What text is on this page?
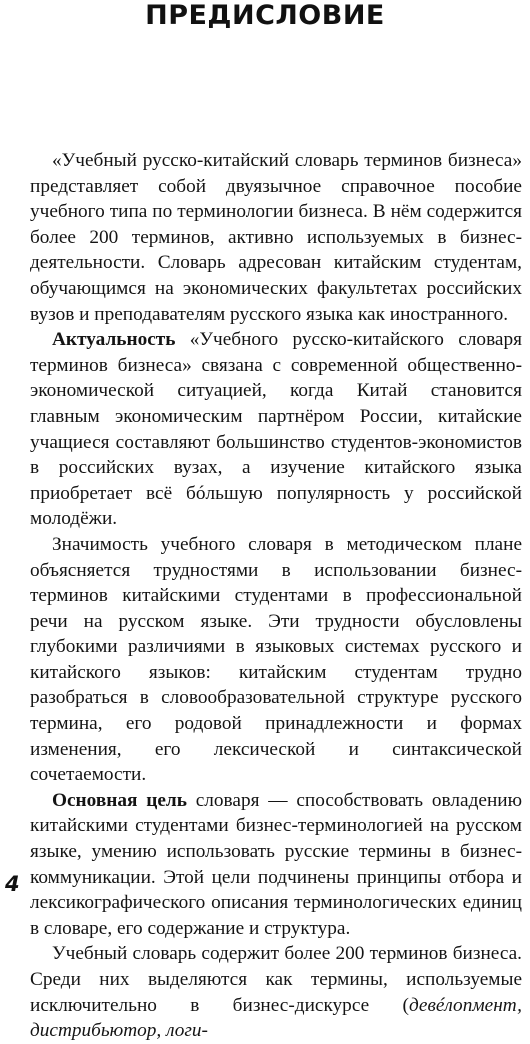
ПРЕДИСЛОВИЕ

«Учебный русско-китайский словарь терминов бизнеса» представляет собой двуязычное справочное пособие учебного типа по терминологии бизнеса. В нём содержится более 200 терминов, активно используемых в бизнес-деятельности. Словарь адресован китайским студентам, обучающимся на экономических факультетах российских вузов и преподавателям русского языка как иностранного.

Актуальность «Учебного русско-китайского словаря терминов бизнеса» связана с современной общественно-экономической ситуацией, когда Китай становится главным экономическим партнёром России, китайские учащиеся составляют большинство студентов-экономистов в российских вузах, а изучение китайского языка приобретает всё бóльшую популярность у российской молодёжи.

Значимость учебного словаря в методическом плане объясняется трудностями в использовании бизнес-терминов китайскими студентами в профессиональной речи на русском языке. Эти трудности обусловлены глубокими различиями в языковых системах русского и китайского языков: китайским студентам трудно разобраться в словообразовательной структуре русского термина, его родовой принадлежности и формах изменения, его лексической и синтаксической сочетаемости.

Основная цель словаря — способствовать овладению китайскими студентами бизнес-терминологией на русском языке, умению использовать русские термины в бизнес-коммуникации. Этой цели подчинены принципы отбора и лексикографического описания терминологических единиц в словаре, его содержание и структура.

Учебный словарь содержит более 200 терминов бизнеса. Среди них выделяются как термины, используемые исключительно в бизнес-дискурсе (девéлопмент, дистрибьютор, логи-

4
